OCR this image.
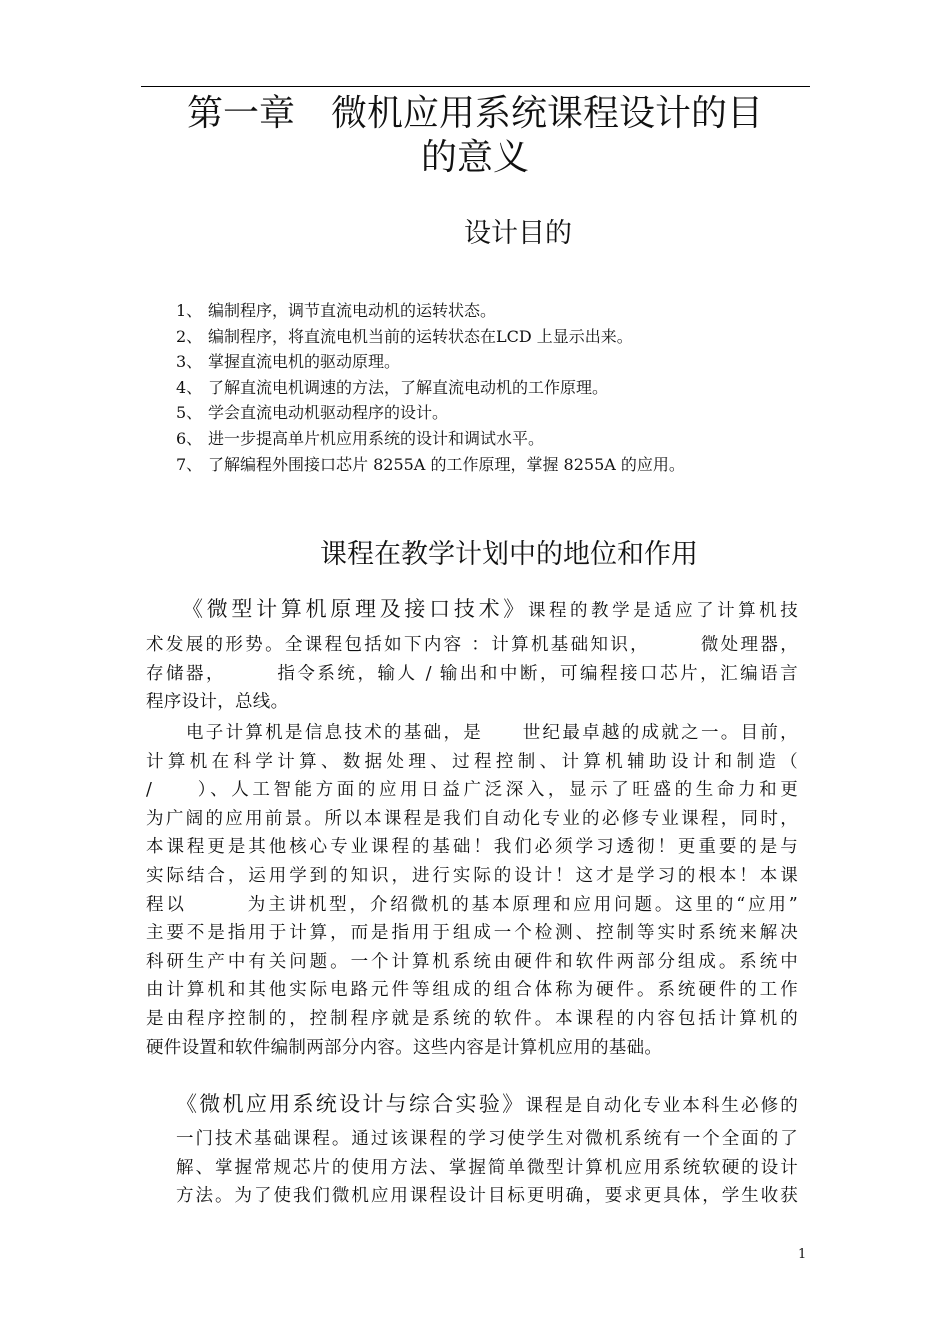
第一章　微机应用系统课程设计的目
的意义
设计目的
1、 编制程序，调节直流电动机的运转状态。
2、 编制程序，将直流电机当前的运转状态在LCD 上显示出来。
3、 掌握直流电机的驱动原理。
4、 了解直流电机调速的方法，了解直流电动机的工作原理。
5、 学会直流电动机驱动程序的设计。
6、 进一步提高单片机应用系统的设计和调试水平。
7、 了解编程外围接口芯片 8255A 的工作原理，掌握 8255A 的应用。
课程在教学计划中的地位和作用
《微型计算机原理及接口技术》课程的教学是适应了计算机技
术发展的形势。全课程包括如下内容 ：计算机基础知识，　　　微处理器，
存储器，　　　指令系统，输人 / 输出和中断，可编程接口芯片，汇编语言
程序设计，总线。
电子计算机是信息技术的基础，是　　世纪最卓越的成就之一。目前，
计算机在科学计算、数据处理、过程控制、计算机辅助设计和制造（　　
/　　）、人工智能方面的应用日益广泛深入，显示了旺盛的生命力和更
为广阔的应用前景。所以本课程是我们自动化专业的必修专业课程，同时，
本课程更是其他核心专业课程的基础！我们必须学习透彻！更重要的是与
实际结合，运用学到的知识，进行实际的设计！这才是学习的根本！本课
程以　　　为主讲机型，介绍微机的基本原理和应用问题。这里的“应用”
主要不是指用于计算，而是指用于组成一个检测、控制等实时系统来解决
科研生产中有关问题。一个计算机系统由硬件和软件两部分组成。系统中
由计算机和其他实际电路元件等组成的组合体称为硬件。系统硬件的工作
是由程序控制的，控制程序就是系统的软件。本课程的内容包括计算机的
硬件设置和软件编制两部分内容。这些内容是计算机应用的基础。
《微机应用系统设计与综合实验》课程是自动化专业本科生必修的
一门技术基础课程。通过该课程的学习使学生对微机系统有一个全面的了
解、掌握常规芯片的使用方法、掌握简单微型计算机应用系统软硬的设计
方法。为了使我们微机应用课程设计目标更明确，要求更具体，学生收获
1
